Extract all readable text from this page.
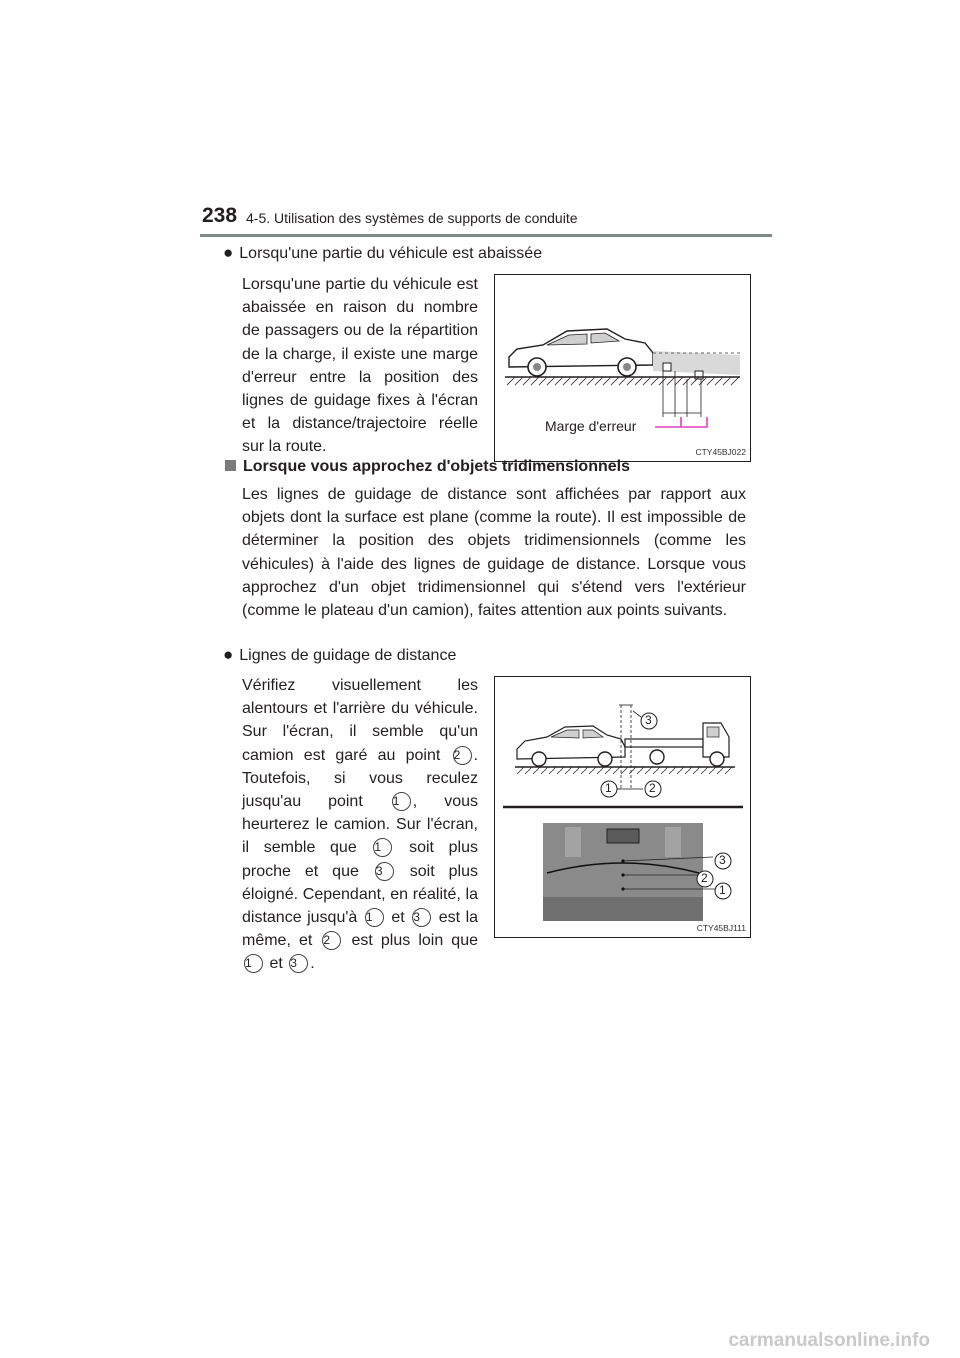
238 4-5. Utilisation des systèmes de supports de conduite
● Lorsqu'une partie du véhicule est abaissée
Lorsqu'une partie du véhicule est abaissée en raison du nombre de passagers ou de la répartition de la charge, il existe une marge d'erreur entre la position des lignes de guidage fixes à l'écran et la distance/trajectoire réelle sur la route.
Marge d'erreur
CTY45BJ022
Lorsque vous approchez d'objets tridimensionnels
Les lignes de guidage de distance sont affichées par rapport aux objets dont la surface est plane (comme la route). Il est impossible de déterminer la position des objets tridimensionnels (comme les véhicules) à l'aide des lignes de guidage de distance. Lorsque vous approchez d'un objet tridimensionnel qui s'étend vers l'extérieur (comme le plateau d'un camion), faites attention aux points suivants.
● Lignes de guidage de distance
Vérifiez visuellement les alentours et l'arrière du véhicule. Sur l'écran, il semble qu'un camion est garé au point 2 . Toutefois, si vous reculez jusqu'au point 1 , vous heurterez le camion. Sur l'écran, il semble que 1 soit plus proche et que 3 soit plus éloigné. Cependant, en réalité, la distance jusqu'à 1 et 3 est la même, et 2 est plus loin que 1 et 3 .
3
1	2
3
2
1
CTY45BJ111
carmanualsonline.info
